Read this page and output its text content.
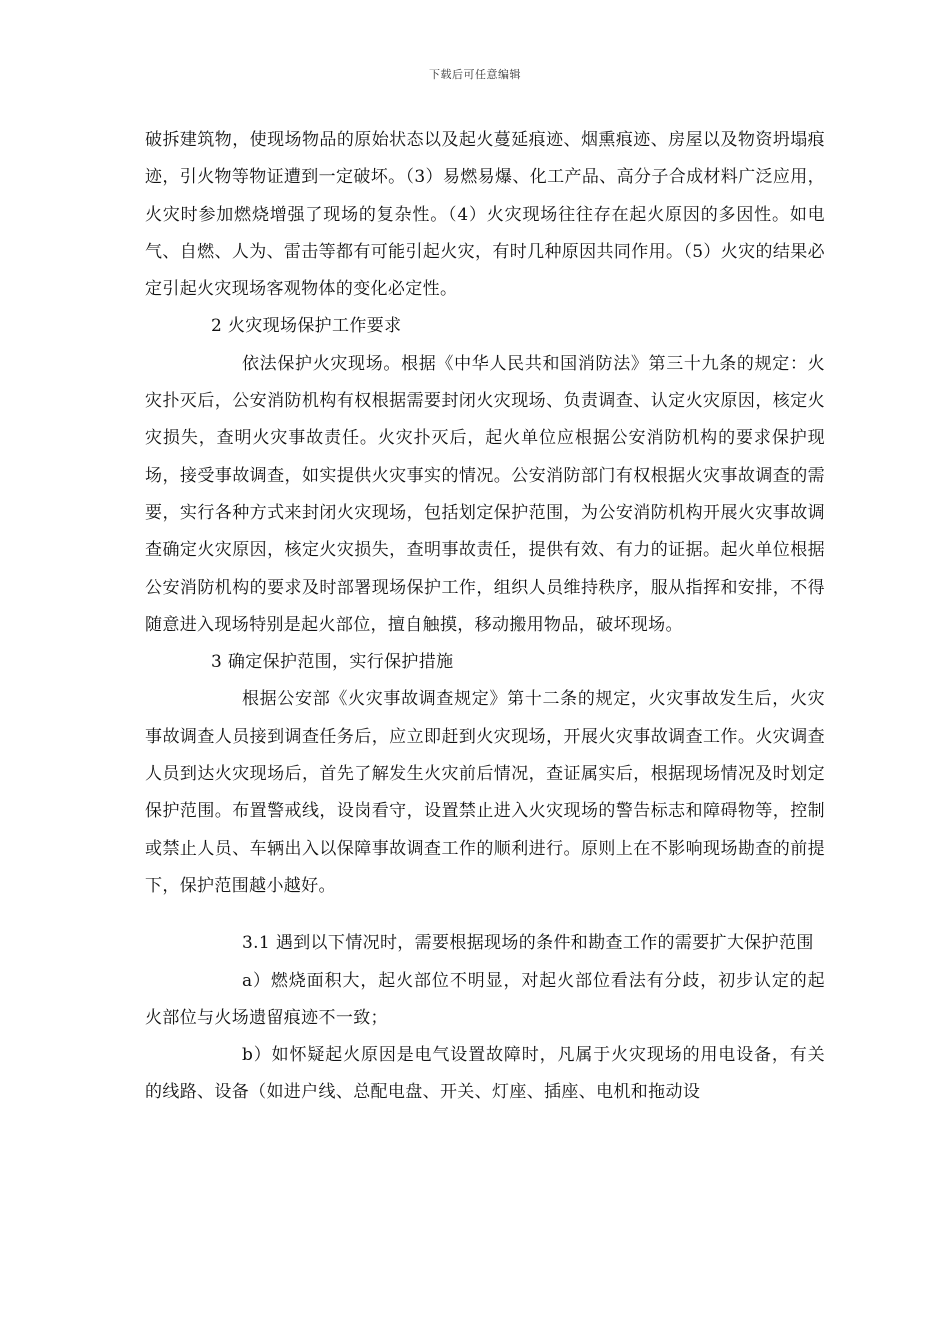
下载后可任意编辑

破拆建筑物，使现场物品的原始状态以及起火蔓延痕迹、烟熏痕迹、房屋以及物资坍塌痕迹，引火物等物证遭到一定破坏。（3）易燃易爆、化工产品、高分子合成材料广泛应用，火灾时参加燃烧增强了现场的复杂性。（4）火灾现场往往存在起火原因的多因性。如电气、自燃、人为、雷击等都有可能引起火灾，有时几种原因共同作用。（5）火灾的结果必定引起火灾现场客观物体的变化必定性。

2 火灾现场保护工作要求

依法保护火灾现场。根据《中华人民共和国消防法》第三十九条的规定：火灾扑灭后，公安消防机构有权根据需要封闭火灾现场、负责调查、认定火灾原因，核定火灾损失，查明火灾事故责任。火灾扑灭后，起火单位应根据公安消防机构的要求保护现场，接受事故调查，如实提供火灾事实的情况。公安消防部门有权根据火灾事故调查的需要，实行各种方式来封闭火灾现场，包括划定保护范围，为公安消防机构开展火灾事故调查确定火灾原因，核定火灾损失，查明事故责任，提供有效、有力的证据。起火单位根据公安消防机构的要求及时部署现场保护工作，组织人员维持秩序，服从指挥和安排，不得随意进入现场特别是起火部位，擅自触摸，移动搬用物品，破坏现场。

3 确定保护范围，实行保护措施

根据公安部《火灾事故调查规定》第十二条的规定，火灾事故发生后，火灾事故调查人员接到调查任务后，应立即赶到火灾现场，开展火灾事故调查工作。火灾调查人员到达火灾现场后，首先了解发生火灾前后情况，查证属实后，根据现场情况及时划定保护范围。布置警戒线，设岗看守，设置禁止进入火灾现场的警告标志和障碍物等，控制或禁止人员、车辆出入以保障事故调查工作的顺利进行。原则上在不影响现场勘查的前提下，保护范围越小越好。

3.1 遇到以下情况时，需要根据现场的条件和勘查工作的需要扩大保护范围

a）燃烧面积大，起火部位不明显，对起火部位看法有分歧，初步认定的起火部位与火场遗留痕迹不一致；

b）如怀疑起火原因是电气设置故障时，凡属于火灾现场的用电设备，有关的线路、设备（如进户线、总配电盘、开关、灯座、插座、电机和拖动设
